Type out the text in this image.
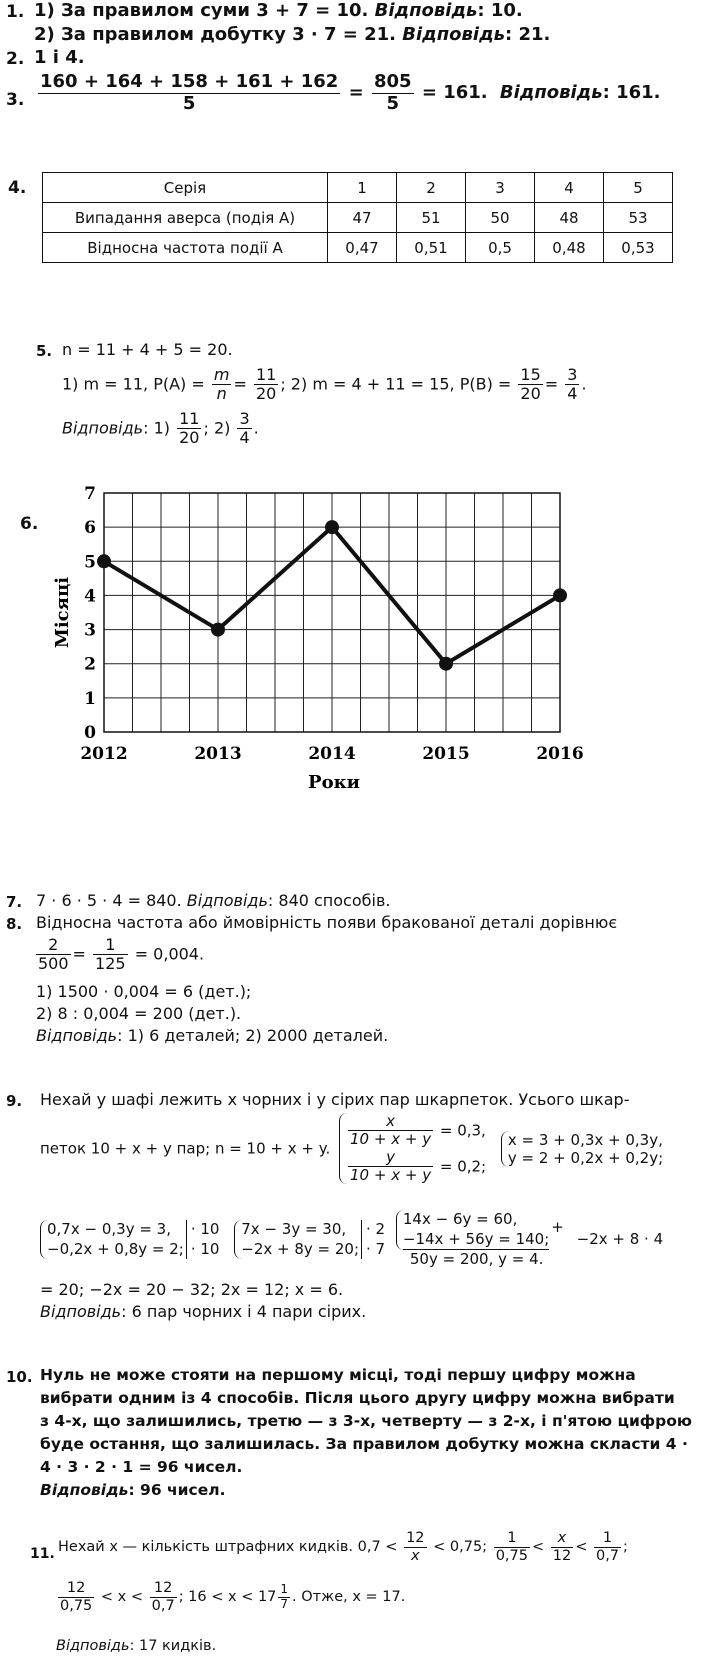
1. 1) За правилом суми 3 + 7 = 10. Відповідь: 10.
2) За правилом добутку 3 · 7 = 21. Відповідь: 21.
2. 1 і 4.
3. $\frac{160 + 164 + 158 + 161 + 162}{5} = \frac{805}{5} = 161$. Відповідь: 161.
4.	Серія	1	2	3	4	5
Випадання аверса (подія A)	47	51	50	48	53
Відносна частота події A	0,47	0,51	0,5	0,48	0,53
5. n = 11 + 4 + 5 = 20.
1) m = 11, $P(A) = \frac{m}{n} = \frac{11}{20}$ ; 2) m = 4 + 11 = 15, $P(B) = \frac{15}{20} = \frac{3}{4}$ .
Відповідь: $1) \frac{11}{20}$ ; $2) \frac{3}{4}$ .
6.
0
1
2
3
4
5
6
7
2012	2013	2014	2015	2016
Роки
Місяці
7. 7 · 6 · 5 · 4 = 840. Відповідь: 840 способів.
8. Відносна частота або ймовірність появи бракованої деталі дорівнює
$\frac{2}{500} = \frac{1}{125} = 0,004$.
1) 1500 · 0,004 = 6 (дет.);
2) 8 : 0,004 = 200 (дет.).
Відповідь: 1) 6 деталей; 2) 2000 деталей.
9. Нехай у шафі лежить x чорних і y сірих пар шкарпеток. Усього шкар-
петок 10 + x + y пар; n = 10 + x + y. $\frac{x}{10 + x + y} = 0,3$,
$\frac{y}{10 + x + y} = 0,2$;

x = 3 + 0,3x + 0,3y,
y = 2 + 0,2x + 0,2y;
0,7x − 0,3y = 3,
−0,2x + 0,8y = 2;
· 10
· 10

7x − 3y = 30,
−2x + 8y = 20;
· 2
· 7

14x − 6y = 60,
−14x + 56y = 140;
50y = 200, y = 4.
+ −2x + 8 · 4
= 20; −2x = 20 − 32; 2x = 12; x = 6.
Відповідь: 6 пар чорних і 4 пари сірих.
10. Нуль не може стояти на першому місці, тоді першу цифру можна
вибрати одним із 4 способів. Після цього другу цифру можна вибрати
з 4-х, що залишились, третю — з 3-х, четверту — з 2-х, і п'ятою цифрою
буде остання, що залишилась. За правилом добутку можна скласти 4 ·
4 · 3 · 2 · 1 = 96 чисел.
Відповідь: 96 чисел.
11. Нехай x — кількість штрафних кидків. $0,7 < \frac{12}{x} < 0,75$; $\frac{1}{0,75} < \frac{x}{12} < \frac{1}{0,7}$ ;
$\frac{12}{0,75} < x < \frac{12}{0,7}$ ; $16 < x < 17 \frac{1}{7}$ . Отже, x = 17.
Відповідь: 17 кидків.
